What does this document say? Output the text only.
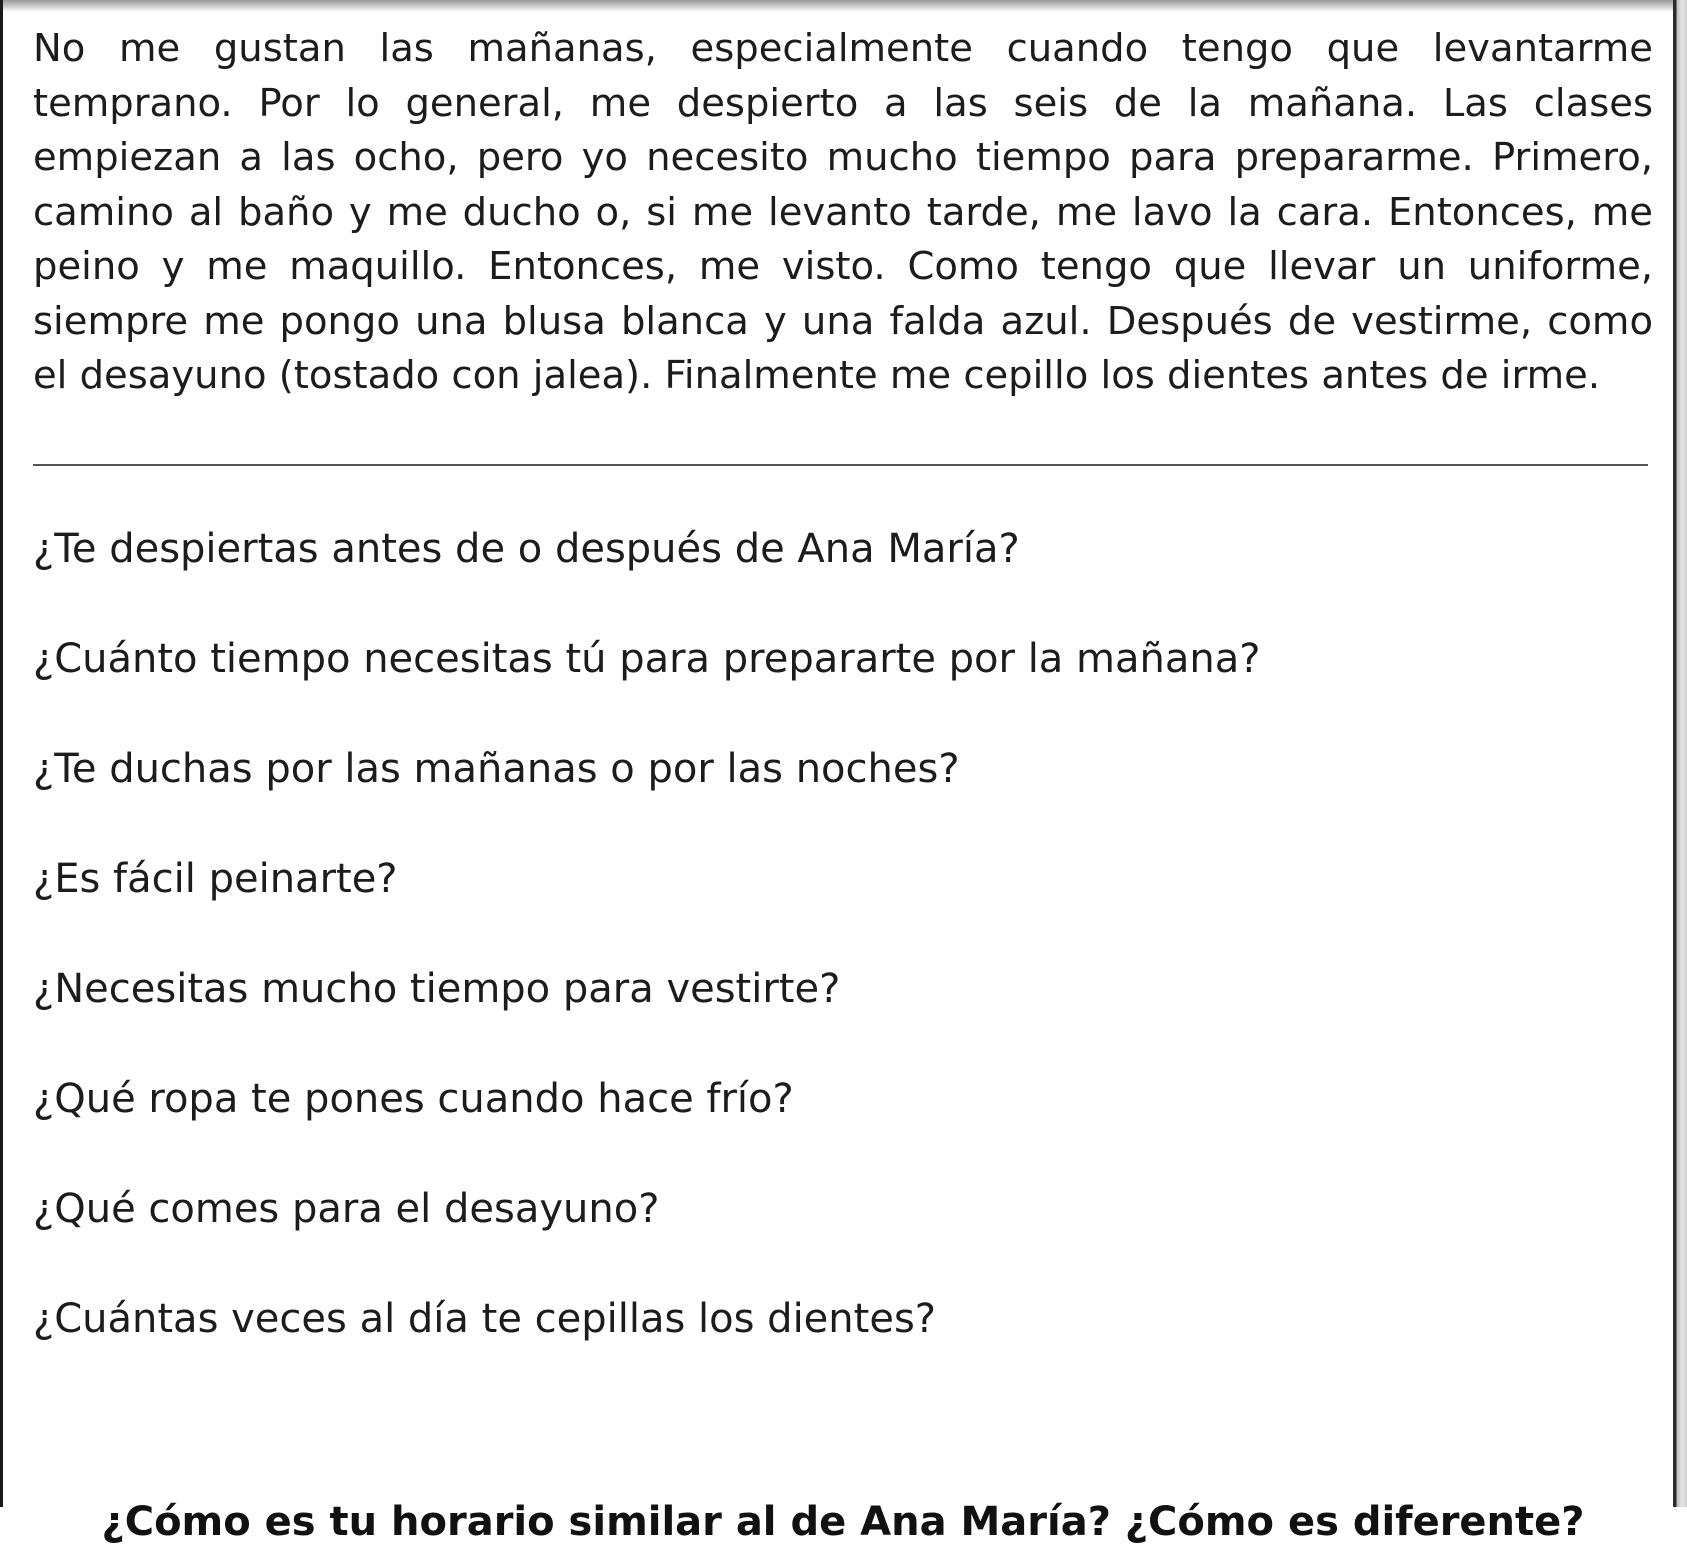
No me gustan las mañanas, especialmente cuando tengo que levantarme temprano. Por lo general, me despierto a las seis de la mañana. Las clases empiezan a las ocho, pero yo necesito mucho tiempo para prepararme. Primero, camino al baño y me ducho o, si me levanto tarde, me lavo la cara. Entonces, me peino y me maquillo. Entonces, me visto. Como tengo que llevar un uniforme, siempre me pongo una blusa blanca y una falda azul. Después de vestirme, como el desayuno (tostado con jalea). Finalmente me cepillo los dientes antes de irme.

¿Te despiertas antes de o después de Ana María?
¿Cuánto tiempo necesitas tú para prepararte por la mañana?
¿Te duchas por las mañanas o por las noches?
¿Es fácil peinarte?
¿Necesitas mucho tiempo para vestirte?
¿Qué ropa te pones cuando hace frío?
¿Qué comes para el desayuno?
¿Cuántas veces al día te cepillas los dientes?
¿Cómo es tu horario similar al de Ana María? ¿Cómo es diferente?
